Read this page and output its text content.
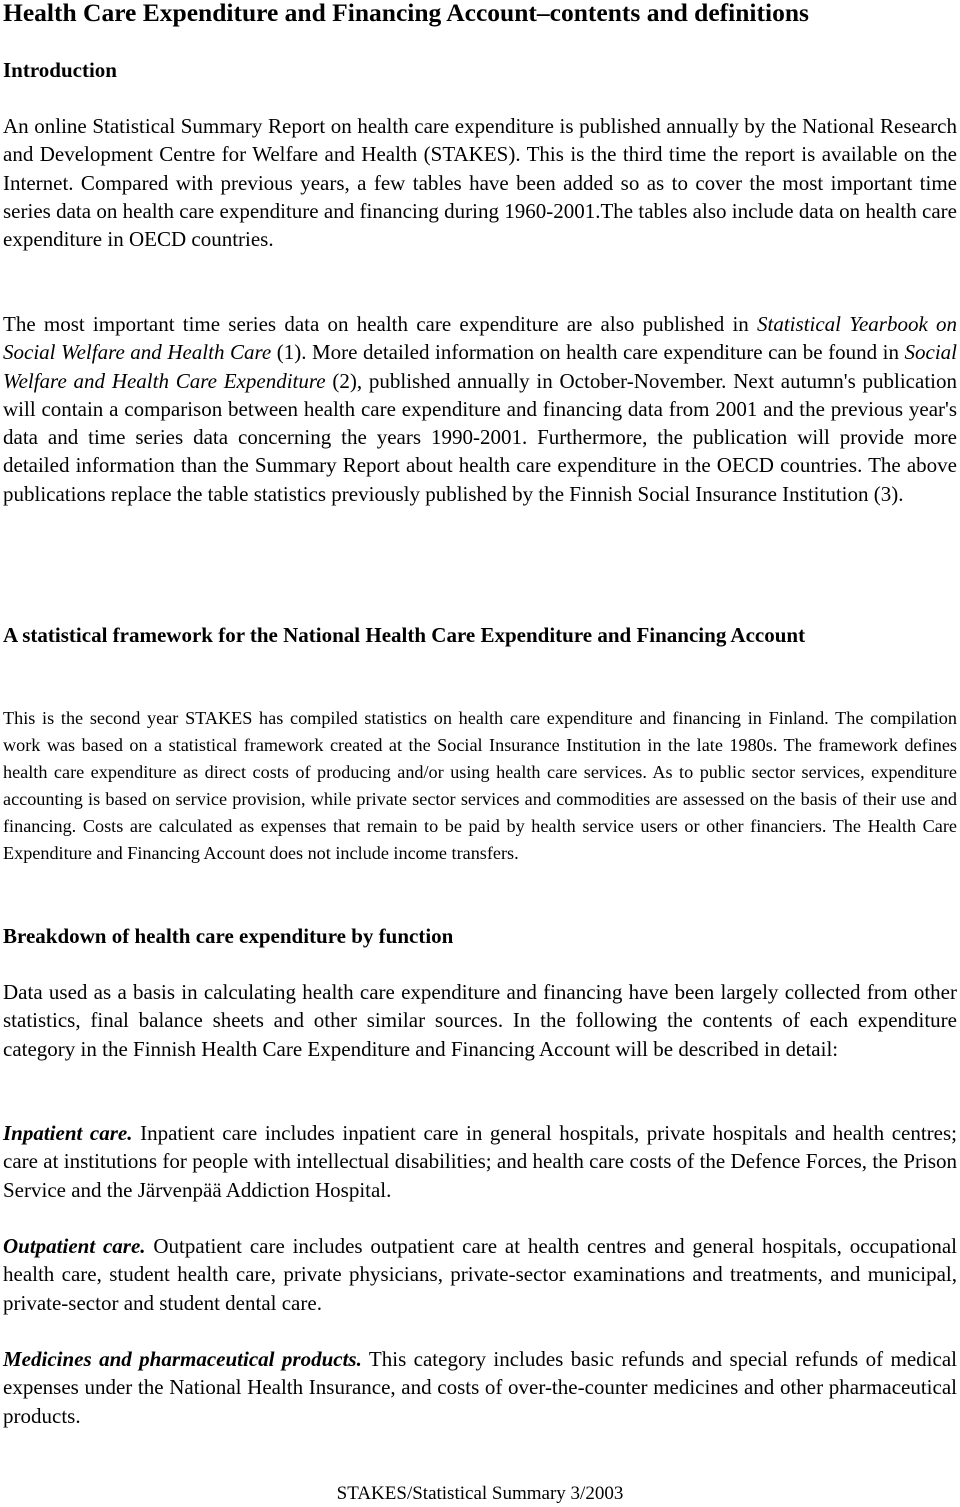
Health Care Expenditure and Financing Account–contents and definitions
Introduction

An online Statistical Summary Report on health care expenditure is published annually by the National Research and Development Centre for Welfare and Health (STAKES). This is the third time the report is available on the Internet. Compared with previous years, a few tables have been added so as to cover the most important time series data on health care expenditure and financing during 1960-2001.The tables also include data on health care expenditure in OECD countries.

The most important time series data on health care expenditure are also published in Statistical Yearbook on Social Welfare and Health Care (1). More detailed information on health care expenditure can be found in Social Welfare and Health Care Expenditure (2), published annually in October-November. Next autumn's publication will contain a comparison between health care expenditure and financing data from 2001 and the previous year's data and time series data concerning the years 1990-2001. Furthermore, the publication will provide more detailed information than the Summary Report about health care expenditure in the OECD countries. The above publications replace the table statistics previously published by the Finnish Social Insurance Institution (3).

A statistical framework for the National Health Care Expenditure and Financing Account

This is the second year STAKES has compiled statistics on health care expenditure and financing in Finland. The compilation work was based on a statistical framework created at the Social Insurance Institution in the late 1980s. The framework defines health care expenditure as direct costs of producing and/or using health care services. As to public sector services, expenditure accounting is based on service provision, while private sector services and commodities are assessed on the basis of their use and financing. Costs are calculated as expenses that remain to be paid by health service users or other financiers. The Health Care Expenditure and Financing Account does not include income transfers.

Breakdown of health care expenditure by function

Data used as a basis in calculating health care expenditure and financing have been largely collected from other statistics, final balance sheets and other similar sources. In the following the contents of each expenditure category in the Finnish Health Care Expenditure and Financing Account will be described in detail:

Inpatient care. Inpatient care includes inpatient care in general hospitals, private hospitals and health centres; care at institutions for people with intellectual disabilities; and health care costs of the Defence Forces, the Prison Service and the Järvenpää Addiction Hospital.

Outpatient care. Outpatient care includes outpatient care at health centres and general hospitals, occupational health care, student health care, private physicians, private-sector examinations and treatments, and municipal, private-sector and student dental care.

Medicines and pharmaceutical products. This category includes basic refunds and special refunds of medical expenses under the National Health Insurance, and costs of over-the-counter medicines and other pharmaceutical products.

STAKES/Statistical Summary 3/2003
